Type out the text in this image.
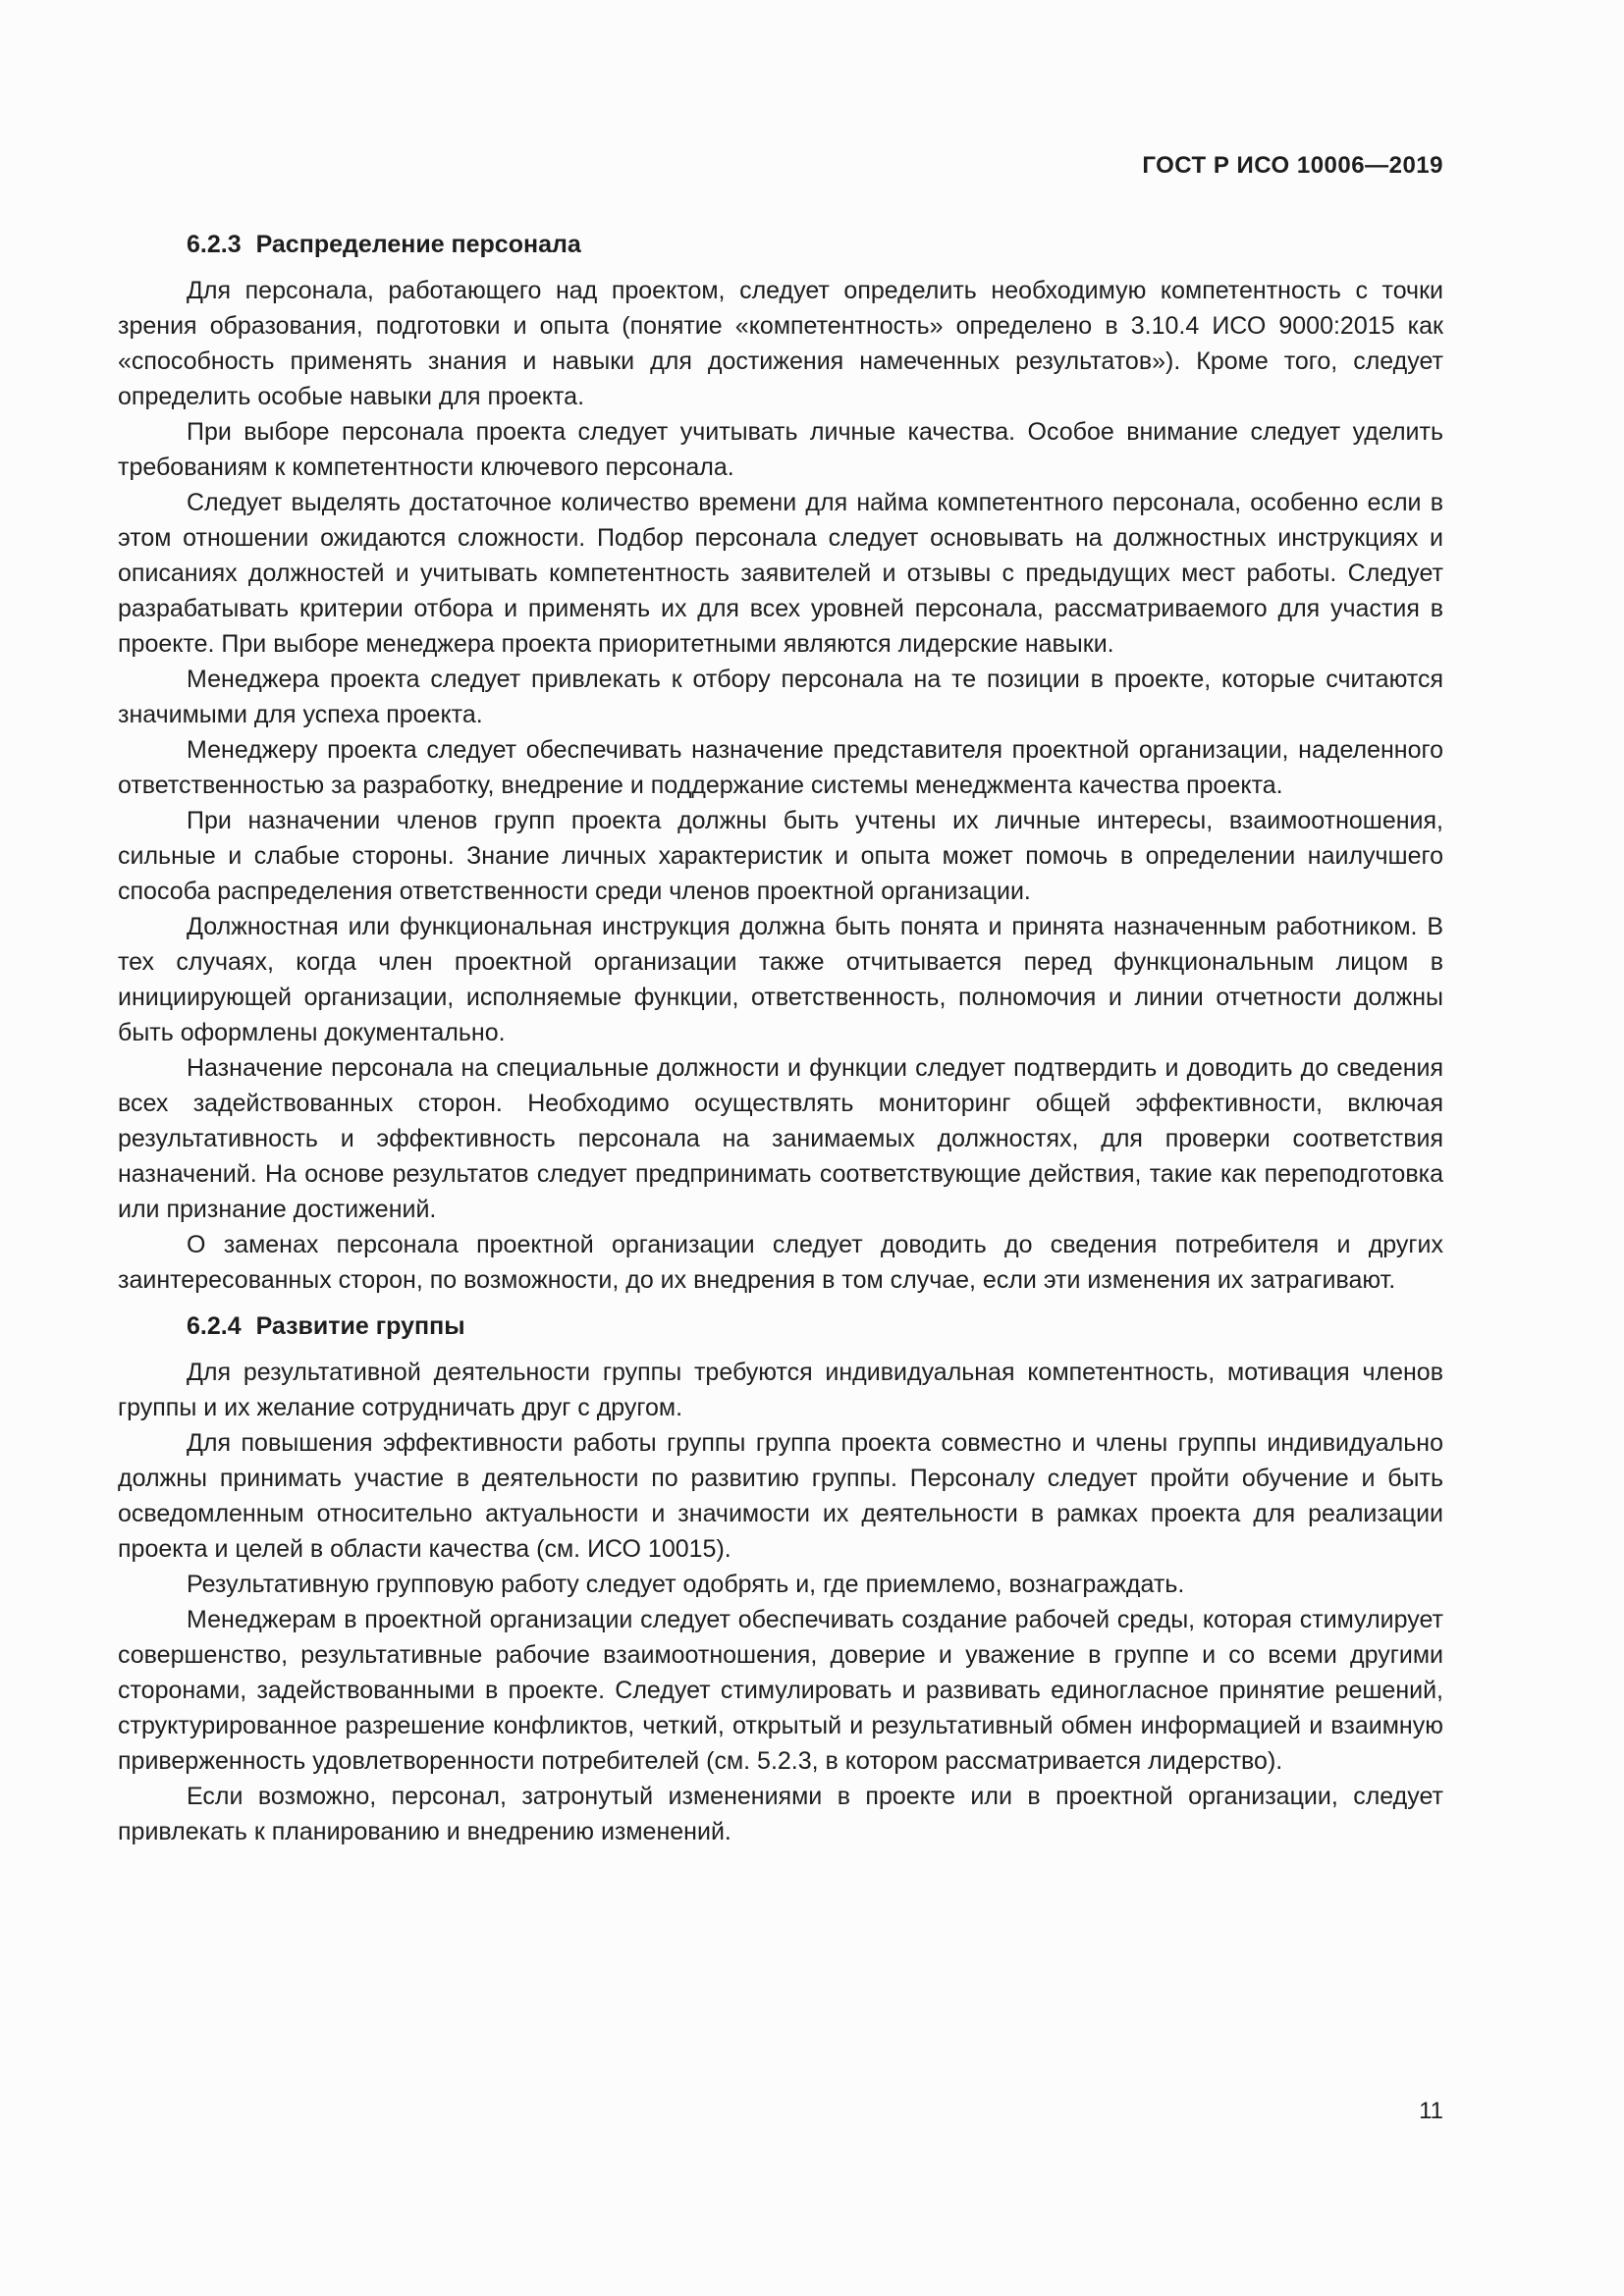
ГОСТ Р ИСО 10006—2019
6.2.3 Распределение персонала

Для персонала, работающего над проектом, следует определить необходимую компетентность с точки зрения образования, подготовки и опыта (понятие «компетентность» определено в 3.10.4 ИСО 9000:2015 как «способность применять знания и навыки для достижения намеченных результатов»). Кроме того, следует определить особые навыки для проекта.

При выборе персонала проекта следует учитывать личные качества. Особое внимание следует уделить требованиям к компетентности ключевого персонала.

Следует выделять достаточное количество времени для найма компетентного персонала, особенно если в этом отношении ожидаются сложности. Подбор персонала следует основывать на должностных инструкциях и описаниях должностей и учитывать компетентность заявителей и отзывы с предыдущих мест работы. Следует разрабатывать критерии отбора и применять их для всех уровней персонала, рассматриваемого для участия в проекте. При выборе менеджера проекта приоритетными являются лидерские навыки.

Менеджера проекта следует привлекать к отбору персонала на те позиции в проекте, которые считаются значимыми для успеха проекта.

Менеджеру проекта следует обеспечивать назначение представителя проектной организации, наделенного ответственностью за разработку, внедрение и поддержание системы менеджмента качества проекта.

При назначении членов групп проекта должны быть учтены их личные интересы, взаимоотношения, сильные и слабые стороны. Знание личных характеристик и опыта может помочь в определении наилучшего способа распределения ответственности среди членов проектной организации.

Должностная или функциональная инструкция должна быть понята и принята назначенным работником. В тех случаях, когда член проектной организации также отчитывается перед функциональным лицом в инициирующей организации, исполняемые функции, ответственность, полномочия и линии отчетности должны быть оформлены документально.

Назначение персонала на специальные должности и функции следует подтвердить и доводить до сведения всех задействованных сторон. Необходимо осуществлять мониторинг общей эффективности, включая результативность и эффективность персонала на занимаемых должностях, для проверки соответствия назначений. На основе результатов следует предпринимать соответствующие действия, такие как переподготовка или признание достижений.

О заменах персонала проектной организации следует доводить до сведения потребителя и других заинтересованных сторон, по возможности, до их внедрения в том случае, если эти изменения их затрагивают.

6.2.4 Развитие группы

Для результативной деятельности группы требуются индивидуальная компетентность, мотивация членов группы и их желание сотрудничать друг с другом.

Для повышения эффективности работы группы группа проекта совместно и члены группы индивидуально должны принимать участие в деятельности по развитию группы. Персоналу следует пройти обучение и быть осведомленным относительно актуальности и значимости их деятельности в рамках проекта для реализации проекта и целей в области качества (см. ИСО 10015).

Результативную групповую работу следует одобрять и, где приемлемо, вознаграждать.

Менеджерам в проектной организации следует обеспечивать создание рабочей среды, которая стимулирует совершенство, результативные рабочие взаимоотношения, доверие и уважение в группе и со всеми другими сторонами, задействованными в проекте. Следует стимулировать и развивать единогласное принятие решений, структурированное разрешение конфликтов, четкий, открытый и результативный обмен информацией и взаимную приверженность удовлетворенности потребителей (см. 5.2.3, в котором рассматривается лидерство).

Если возможно, персонал, затронутый изменениями в проекте или в проектной организации, следует привлекать к планированию и внедрению изменений.

11
